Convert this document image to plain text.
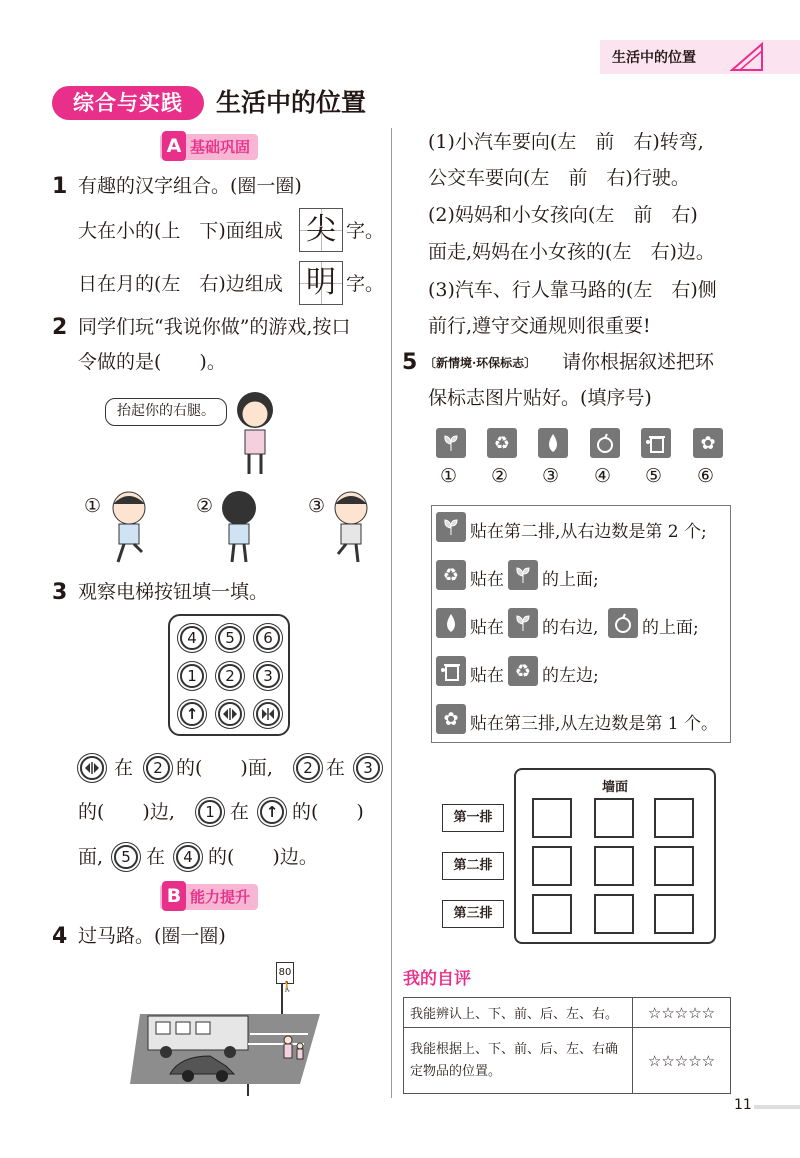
生活中的位置
综合与实践	生活中的位置
A 基础巩固
1 有趣的汉字组合。(圈一圈)
大在小的(上　下)面组成 尖 字。
日在月的(左　右)边组成 明 字。
2 同学们玩“我说你做”的游戏,按口
令做的是(　　)。
抬起你的右腿。
①	②	③
3 观察电梯按钮填一填。
4	5	6
1	2	3
↑
在	2 的(　　)面,	2 在	3
的(　　)边,	1 在	↑ 的(　　)
面,	5 在	4 的(　　)边。
B 能力提升
4 过马路。(圈一圈)
80
🚶
(1)小汽车要向(左　前　右)转弯,
公交车要向(左　前　右)行驶。
(2)妈妈和小女孩向(左　前　右)
面走,妈妈在小女孩的(左　右)边。
(3)汽车、行人靠马路的(左　右)侧
前行,遵守交通规则很重要!
5 〔新情境·环保标志〕 请你根据叙述把环
保标志图片贴好。(填序号)
♻	✿
① ② ③ ④ ⑤ ⑥
贴在第二排,从右边数是第 2 个;
♻ 贴在 的上面;
贴在 的右边,	的上面;
贴在 ♻ 的左边;
✿ 贴在第三排,从左边数是第 1 个。
墙面
第一排
第二排
第三排
我的自评
我能辨认上、下、前、后、左、右。	☆☆☆☆☆
我能根据上、下、前、后、左、右确定物品的位置。	☆☆☆☆☆
11
